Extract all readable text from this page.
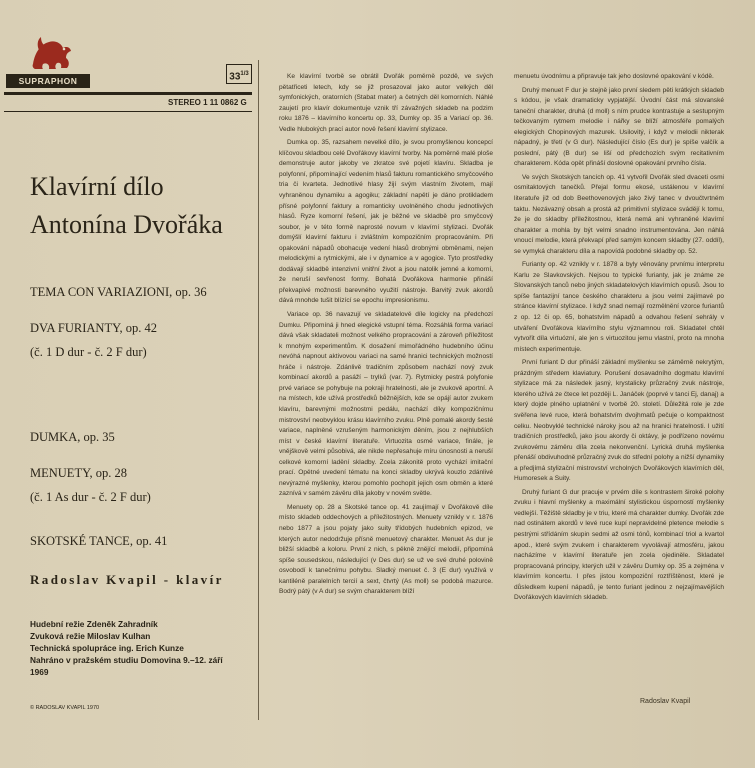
SUPRAPHON	$33^{1/3}$
STEREO 1 11 0862 G
Klavírní dílo
Antonína Dvořáka
TEMA CON VARIAZIONI, op. 36
DVA FURIANTY, op. 42
(č. 1 D dur - č. 2 F dur)
DUMKA, op. 35
MENUETY, op. 28
(č. 1 As dur - č. 2 F dur)
SKOTSKÉ TANCE, op. 41
Radoslav Kvapil - klavír
Hudební režie Zdeněk Zahradník
Zvuková režie Miloslav Kulhan
Technická spolupráce ing. Erich Kunze
Nahráno v pražském studiu Domovina 9.–12. září
1969
© RADOSLAV KVAPIL 1970

Ke klavírní tvorbě se obrátil Dvořák poměrně pozdě, ve svých pětatřiceti letech, kdy se již prosazoval jako autor velkých děl symfonických, oratorních (Stabat mater) a četných děl komorních. Náhlé zaujetí pro klavír dokumentuje vznik tří závažných skladeb na podzim roku 1876 – klavírního koncertu op. 33, Dumky op. 35 a Variací op. 36. Vedle hlubokých prací autor nově řešení klavírní stylizace.

Dumka op. 35, razsahem nevelké dílo, je svou promyšlenou koncepcí klíčovou skladbou celé Dvořákovy klavírní tvorby. Na poměrně malé ploše demonstruje autor jakoby ve zkratce své pojetí klavíru. Skladba je polyfonní, připomínající vedením hlasů fakturu romantického smyčcového tria či kvarteta. Jednotlivé hlasy žijí svým vlastním životem, mají vyhraněnou dynamiku a agogiku; základní napětí je dáno protikladem přísné polyfonní faktury a romanticky uvolněného chodu jednotlivých hlasů. Ryze komorní řešení, jak je běžné ve skladbě pro smyčcový soubor, je v této formě naprosté novum v klavírní stylizaci. Dvořák domýšlí klavírní fakturu i zvláštním kompozičním propracováním. Při opakování nápadů obohacuje vedení hlasů drobnými obměnami, nejen melodickými a rytmickými, ale i v dynamice a v agogice. Tyto prostředky dodávají skladbě intenzivní vnitřní život a jsou natolik jemné a komorní, že neruší sevřenost formy. Bohatá Dvořákova harmonie přináší překvapivé možnosti barevného využití nástroje. Barvitý zvuk akordů dává mnohde tušit blízící se epochu impresionismu.

Variace op. 36 navazují ve skladatelově díle logicky na předchozí Dumku. Připomíná ji hned elegické vstupní téma. Rozsáhlá forma variací dává však skladateli možnost velkého propracování a zároveň příležitost k mnohým experimentům. K dosažení mimořádného hudebního účinu nevóhá napnout aktivovou variaci na samé hranici technických možností hráče i nástroje. Zdánlivě tradičním způsobem nachází nový zvuk kombinací akordů a pasáží – trylků (var. 7). Rytmicky pestrá polyfonie prvé variace se pohybuje na pokraji hratelnosti, ale je zvukově aportní. A na místech, kde užívá prostředků běžnějších, kde se opájí autor zvukem klavíru, barevnými možnostmi pedálu, nachází díky kompozičnímu mistrovství neobvyklou krásu klavírního zvuku. Plně pomalé akordy šesté variace, naplněné vzrušeným harmonickým děním, jsou z nejhlubších míst v české klavírní literatuře. Virtuozita osmé variace, finále, je vnějškově velmi působivá, ale nikde nepřesahuje míru únosnosti a neruší celkové komorní ladění skladby. Zcela zákonitě proto vychází imitační prací. Opětné uvedení tématu na konci skladby ukrývá kouzlo zdánlivé nevýrazné myšlenky, kterou pomohlo pochopit jejich osm obměn a které zaznívá v samém závěru díla jakoby v novém světle.

Menuety op. 28 a Skotské tance op. 41 zaujímají v Dvořákově díle místo skladeb oddechových a příležitostných. Menuety vznikly v r. 1876 nebo 1877 a jsou pojaty jako suity třídobých hudebních epizod, ve kterých autor nedodržuje přísně menuetový charakter. Menuet As dur je bližší skladbě a koloru. První z nich, s pěkně znějící melodií, připomíná spíše sousedskou, následující (v Des dur) se už ve své druhé polovině osvobodí k tanečnímu pohybu. Sladký menuet č. 3 (E dur) využívá v kantiléně paralelních tercií a sext, čtvrtý (As moll) se podobá mazurce. Bodrý pátý (v A dur) se svým charakterem blíží

menuetu úvodnímu a připravuje tak jeho doslovné opakování v kódě.

Druhý menuet F dur je stejně jako první sledem pěti krátkých skladeb s kódou, je však dramaticky vypjatější. Úvodní část má slovanské taneční charakter, druhá (d moll) s ním prudce kontrastuje a sestupným tečkovaným rytmem melodie i nářky se blíží atmosféře pomalých elegických Chopinových mazurek. Usilovitý, i když v melodii nikterak nápadný, je třetí (v G dur). Následující číslo (Es dur) je spíše valčík a poslední, pátý (B dur) se liší od předchozích svým recitativním charakterem. Kóda opět přináší doslovné opakování prvního čísla.

Ve svých Skotských tancích op. 41 vytvořil Dvořák sled dvaceti osmi osmitaktových tanečků. Přejal formu ekosé, ustálenou v klavírní literatuře již od dob Beethovenových jako živý tanec v dvoučtvrtném taktu. Nezávazný obsah a prostá až primitivní stylizace svádějí k tomu, že je do skladby příležitostnou, která nemá ani vyhraněné klavírní charakter a mohla by být velmi snadno instrumentována. Jen náhlá vnoucí melodie, která překvapí před samým koncem skladby (27. oddíl), se vymyká charakteru díla a napovídá podobné skladby op. 52.

Furianty op. 42 vznikly v r. 1878 a byly věnovány prvnímu interpretu Karlu ze Slavkovských. Nejsou to typické furianty, jak je známe ze Slovanských tanců nebo jiných skladatelových klavírních opusů. Jsou to spíše fantazijní tance českého charakteru a jsou velmi zajímavé po stránce klavírní stylizace. I když snad nemají rozmělnění vzorce furiantů z op. 12 či op. 65, bohatstvím nápadů a odvahou řešení sehrály v utváření Dvořákova klavírního stylu významnou roli. Skladatel chtěl vytvořit díla virtuózní, ale jen s virtuozitou jemu vlastní, proto na mnoha místech experimentuje.

První furiant D dur přináší základní myšlenku se záměrně nekrytým, prázdným středem klaviatury. Porušení dosavadního dogmatu klavírní stylizace má za následek jasný, krystalicky průzračný zvuk nástroje, kterého užívá ze čtece let později L. Janáček (poprvé v tanci Ej, danaj) a který dojde plného uplatnění v tvorbě 20. století. Důležitá role je zde svěřena levé ruce, která bohatstvím dvojhmatů pečuje o kompaktnost celku. Neobvyklé technické nároky jsou až na hranici hratelnosti. I užití tradičních prostředků, jako jsou akordy či oktávy, je podřízeno novému zvukovému záměru díla zcela nekonvenční. Lyrická druhá myšlenka přenáší obdivuhodně průzračný zvuk do střední polohy a nižší dynamiky a předjímá stylizační mistrovství vrcholných Dvořákových klavírních děl, Humoresek a Suity.

Druhý furiant G dur pracuje v prvém díle s kontrastem široké polohy zvuku i hlavní myšlenky a maximální stylistickou úsporností myšlenky vedlejší. Těžiště skladby je v triu, které má charakter dumky. Dvořák zde nad ostinátem akordů v levé ruce kupí nepravidelné pletence melodie s pestrými střídáním skupin sedmi až osmi tónů, kombinací triol a kvartol apod., které svým zvukem i charakterem vyvolávají atmosféru, jakou nacházíme v klavírní literatuře jen zcela ojediněle. Skladatel propracovaná principy, kterých užil v závěru Dumky op. 35 a zejména v klavírním koncertu. I přes jistou kompoziční roztříštěnost, které je důsledkem kupení nápadů, je tento furiant jedinou z nejzajímavějších Dvořákových klavírních skladeb.

Radoslav Kvapil
